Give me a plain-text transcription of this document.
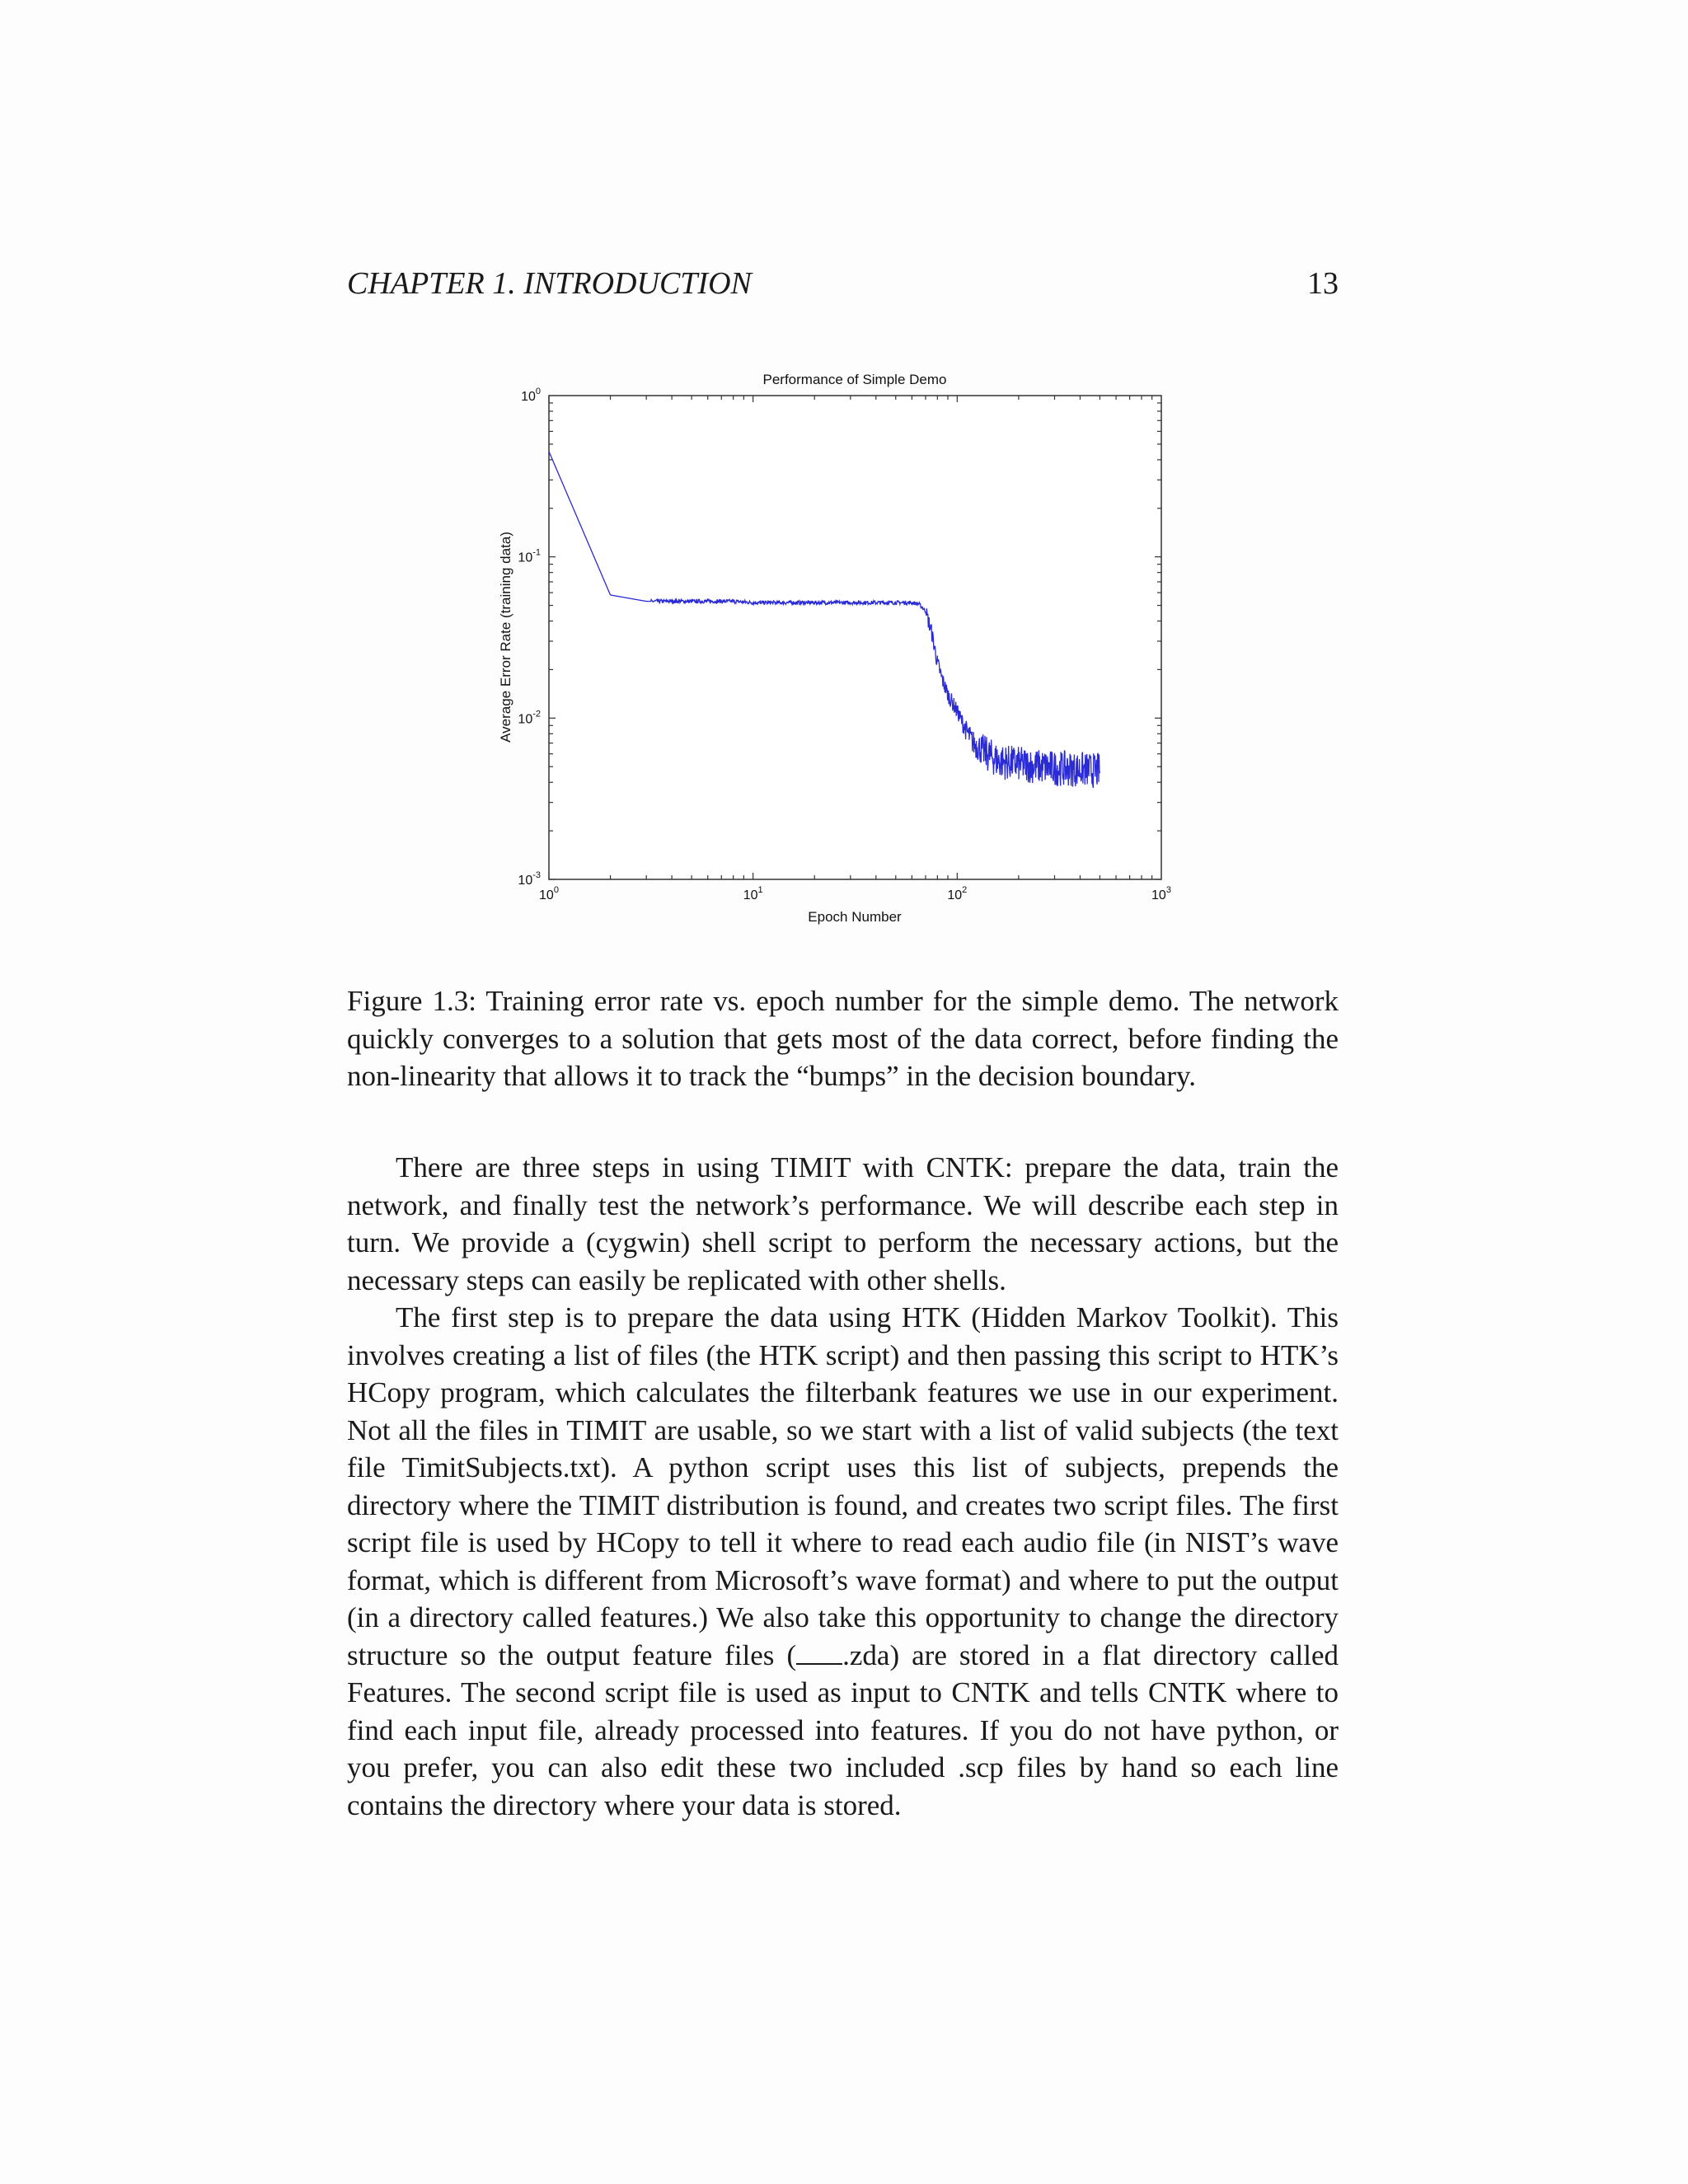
CHAPTER 1. INTRODUCTION	13
Performance of Simple Demo
Epoch Number
Average Error Rate (training data)
$10^0$	$10^1$	$10^2$	$10^3$
$10^0$
$10^{-1}$
$10^{-2}$
$10^{-3}$

Figure 1.3: Training error rate vs. epoch number for the simple demo. The network quickly converges to a solution that gets most of the data correct, before finding the non-linearity that allows it to track the “bumps” in the decision boundary.

There are three steps in using TIMIT with CNTK: prepare the data, train the network, and finally test the network’s performance. We will describe each step in turn. We provide a (cygwin) shell script to perform the necessary actions, but the necessary steps can easily be replicated with other shells.

The first step is to prepare the data using HTK (Hidden Markov Toolkit). This involves creating a list of files (the HTK script) and then passing this script to HTK’s HCopy program, which calculates the filterbank features we use in our experiment. Not all the files in TIMIT are usable, so we start with a list of valid subjects (the text file TimitSubjects.txt). A python script uses this list of subjects, prepends the directory where the TIMIT distribution is found, and creates two script files. The first script file is used by HCopy to tell it where to read each audio file (in NIST’s wave format, which is different from Microsoft’s wave format) and where to put the output (in a directory called features.) We also take this opportunity to change the directory structure so the output feature files ( .zda) are stored in a flat directory called Features. The second script file is used as input to CNTK and tells CNTK where to find each input file, already processed into features. If you do not have python, or you prefer, you can also edit these two included .scp files by hand so each line contains the directory where your data is stored.
